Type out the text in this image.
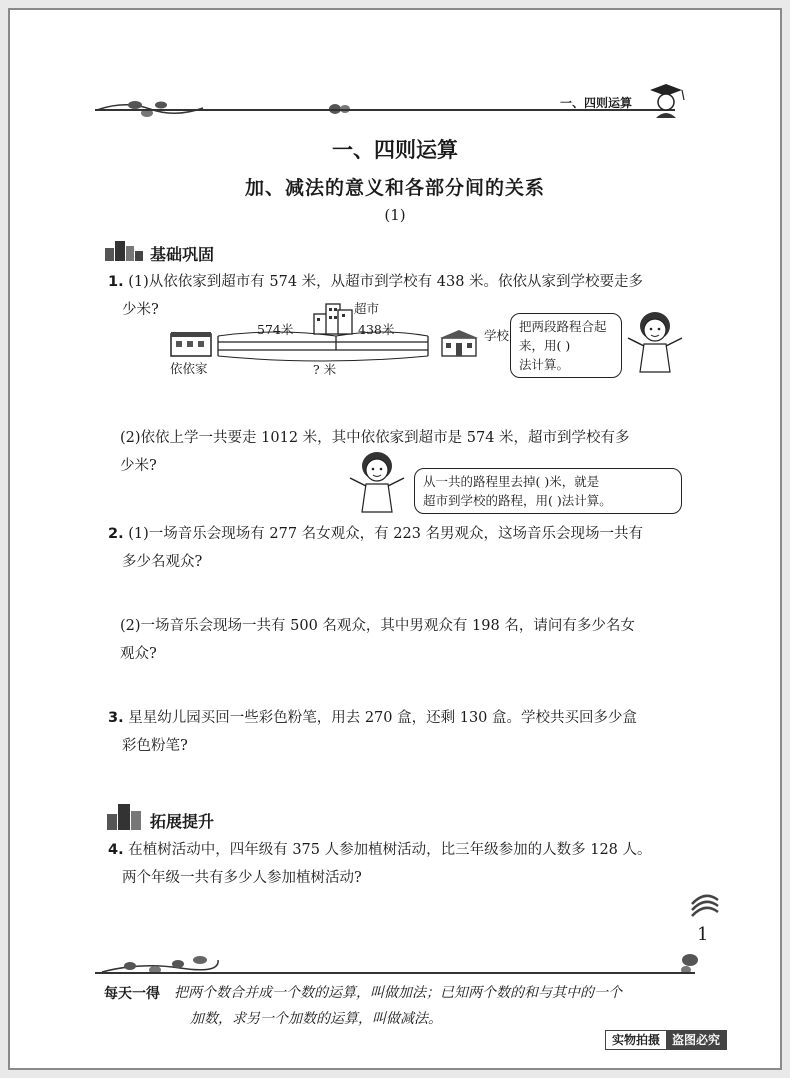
一、四则运算
一、四则运算
加、减法的意义和各部分间的关系
(1)
基础巩固
1. (1)从依依家到超市有 574 米，从超市到学校有 438 米。依依从家到学校要走多
少米?
依依家
574米	438米
? 米
超市
学校
把两段路程合起
来，用( )
法计算。
(2)依依上学一共要走 1012 米，其中依依家到超市是 574 米，超市到学校有多
少米?
从一共的路程里去掉( )米，就是
超市到学校的路程，用( )法计算。
2. (1)一场音乐会现场有 277 名女观众，有 223 名男观众，这场音乐会现场一共有
多少名观众?
(2)一场音乐会现场一共有 500 名观众，其中男观众有 198 名，请问有多少名女
观众?
3. 星星幼儿园买回一些彩色粉笔，用去 270 盒，还剩 130 盒。学校共买回多少盒
彩色粉笔?
拓展提升
4. 在植树活动中，四年级有 375 人参加植树活动，比三年级参加的人数多 128 人。
两个年级一共有多少人参加植树活动?
1
每天一得 把两个数合并成一个数的运算，叫做加法；已知两个数的和与其中的一个
加数，求另一个加数的运算，叫做减法。
实物拍摄	盗图必究
